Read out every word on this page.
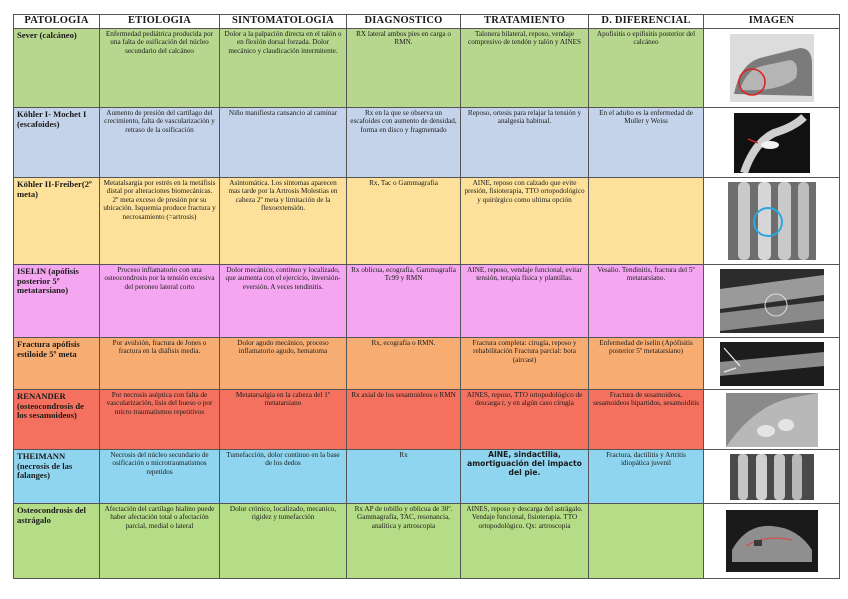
PATOLOGÍA	ETIOLOGIA	SINTOMATOLOGÍA	DIAGNOSTICO	TRATAMIENTO	D. DIFERENCIAL	IMAGEN
Sever (calcáneo)	Enfermedad pediátrica producida por una falta de osificación del núcleo secundario del calcáneo	Dolor a la palpación directa en el talón o en flexión dorsal forzada. Dolor mecánico y claudicación intermitente.	RX lateral ambos pies en carga o RMN.	Talonera bilateral, reposo, vendaje compresivo de tendón y talón y AINES	Apofisitis o epifisitis posterior del calcáneo	

Köhler I- Mochet I (escafoides)	Aumento de presión del cartílago del crecimiento, falta de vascularización y retraso de la osificación	Niño manifiesta cansancio al caminar	Rx en la que se observa un escafoides con aumento de densidad, forma en disco y fragmentado	Reposo, ortesis para relajar la tensión y analgesia habitual.	En el adulto es la enfermedad de Muller y Weiss	

Köhler II-Freiber(2º meta)	Metatalsargia por estrés en la metáfisis distal por alteraciones biomecánicas. 2º meta exceso de presión por su ubicación. Isquemia produce fractura y necrosamiento (=artrosis)	Asintomática. Los síntomas aparecen mas tarde por la Artrosis Molestias en cabeza 2º meta y limitación de la flexoextensión.	Rx, Tac o Gammagrafia	AINE, reposo con calzado que evite presión, fisioterapia, TTO ortopodológico y quirúrgico como ultima opción		

ISELIN (apófisis posterior 5º metatarsiano)	Proceso inflamatorio con una osteocondrosis por la tensión excesiva del peroneo lateral corto	Dolor mecánico, continuo y localizado, que aumenta con el ejercicio, inversión- eversión. A veces tendinitis.	Rx oblicua, ecografía, Gammagrafía Tc99 y RMN	AINE, reposo, vendaje funcional, evitar tensión, terapia física y plantillas.	Vesalio. Tendinitis, fractura del 5º metatarsiano.	

Fractura apófisis estiloide 5º meta	Por avulsión, fractura de Jones o fractura en la diáfisis media.	Dolor agudo mecánico, proceso inflamatorio agudo, hematoma	Rx, ecografía o RMN.	Fractura completa: cirugía, reposo y rehabilitación Fractura parcial: bota (aircast)	Enfermedad de iselin (Apófisitis posterior 5º metatarsiano)	

RENANDER (osteocondrosis de los sesamoideos)	Por necrosis aséptica con falta de vascularización, lisis del hueso o por micro traumatismos repetitivos	Metatarsalgia en la cabeza del 1º metatarsiano	Rx axial de los sesamoideos o RMN	AINES, reposo, TTO ortopodológico de descarga r, y en algún caso cirugía	Fractura de sesamoideos, sesamoideos bipartidos, sesamoiditis	

THEIMANN (necrosis de las falanges)	Necrosis del núcleo secundario de osificación o microtraumatismos repetidos	Tumefacción, dolor continuo en la base de los dedos	Rx	AINE, sindactilia, amortiguación del impacto del pie.	Fractura, dactilitis y Artritis idiopática juvenil	

Osteocondrosis del astrágalo	Afectación del cartílago hialino puede haber afectación total o afectación parcial, medial o lateral	Dolor crónico, localizado, mecanico, rigidez y tumefacción	Rx AP de tobillo y oblicua de 30º. Gammagrafía, TAC, resonancia, analítica y artroscopia	AINES, reposo y descarga del astrágalo. Vendaje funcional, fisioterapia. TTO ortopodológico. Qx: artroscopia		
